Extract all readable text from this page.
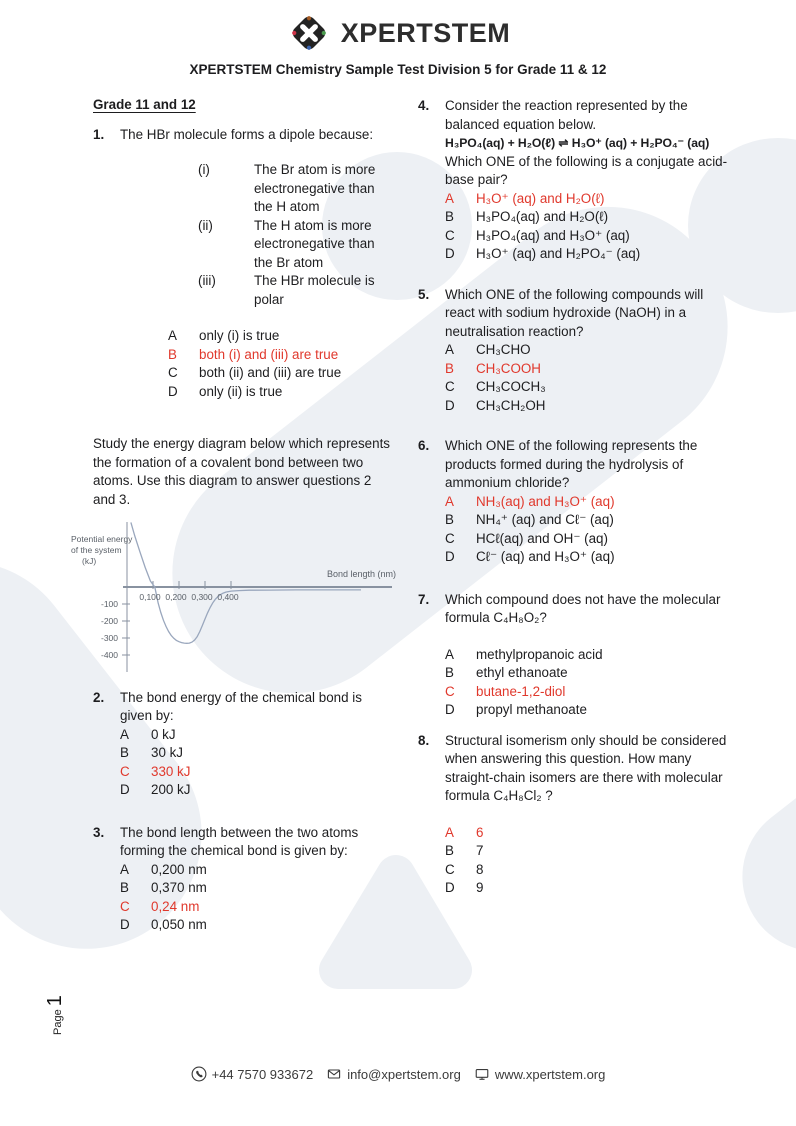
XPERTSTEM
XPERTSTEM Chemistry Sample Test Division 5 for Grade 11 & 12
Grade 11 and 12
1.	The HBr molecule forms a dipole because:
(i)	The Br atom is more electronegative than the H atom
(ii)	The H atom is more electronegative than the Br atom
(iii)	The HBr molecule is polar
A	only (i) is true
B	both (i) and (iii) are true
C	both (ii) and (iii) are true
D	only (ii) is true

Study the energy diagram below which represents the formation of a covalent bond between two atoms. Use this diagram to answer questions 2 and 3.

Potential energy
of the system
(kJ)
Bond length (nm)
0,100 0,200 0,300 0,400
-100
-200
-300
-400
2.	The bond energy of the chemical bond is given by:
A	0 kJ
B	30 kJ
C	330 kJ
D	200 kJ
3.	The bond length between the two atoms forming the chemical bond is given by:
A	0,200 nm
B	0,370 nm
C	0,24 nm
D	0,050 nm
4.	Consider the reaction represented by the balanced equation below.
H₃PO₄(aq) + H₂O(ℓ) ⇌ H₃O⁺ (aq) + H₂PO₄⁻ (aq)
Which ONE of the following is a conjugate acid-base pair?
A	H₃O⁺ (aq) and H₂O(ℓ)
B	H₃PO₄(aq) and H₂O(ℓ)
C	H₃PO₄(aq) and H₃O⁺ (aq)
D	H₃O⁺ (aq) and H₂PO₄⁻ (aq)
5.	Which ONE of the following compounds will react with sodium hydroxide (NaOH) in a neutralisation reaction?
A	CH₃CHO
B	CH₃COOH
C	CH₃COCH₃
D	CH₃CH₂OH
6.	Which ONE of the following represents the products formed during the hydrolysis of ammonium chloride?
A	NH₃(aq) and H₃O⁺ (aq)
B	NH₄⁺ (aq) and Cℓ⁻ (aq)
C	HCℓ(aq) and OH⁻ (aq)
D	Cℓ⁻ (aq) and H₃O⁺ (aq)
7.	Which compound does not have the molecular formula C₄H₈O₂?
A	methylpropanoic acid
B	ethyl ethanoate
C	butane-1,2-diol
D	propyl methanoate
8.	Structural isomerism only should be considered when answering this question. How many straight-chain isomers are there with molecular formula C₄H₈Cl₂ ?
A	6
B	7
C	8
D	9
Page
1
+44 7570 933672	info@xpertstem.org	www.xpertstem.org
